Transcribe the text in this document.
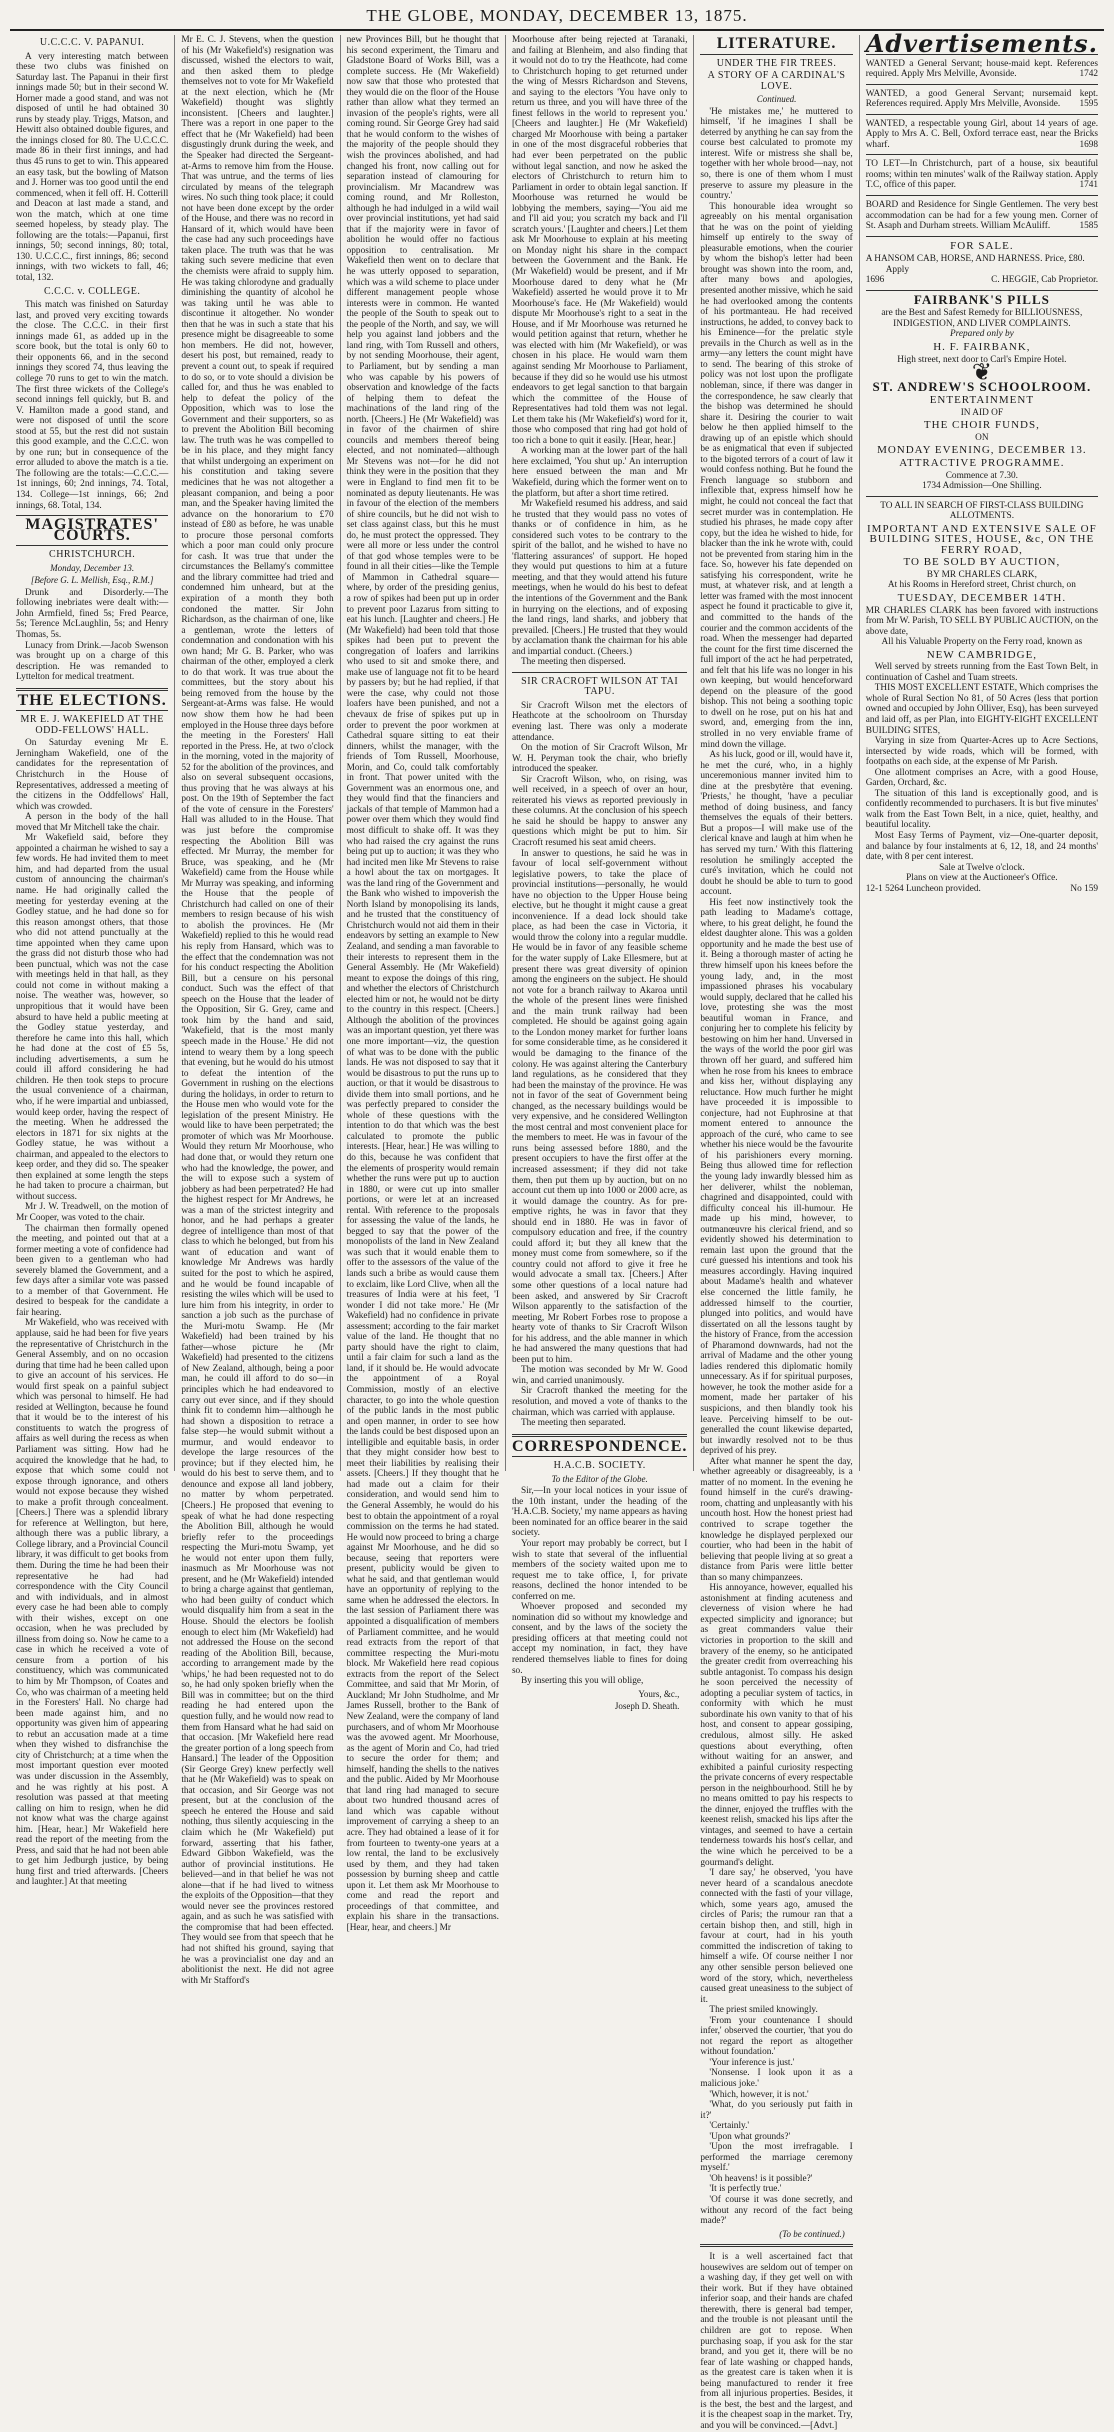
THE GLOBE, MONDAY, DECEMBER 13, 1875.
U.C.C.C. V. PAPANUI.

A very interesting match between these two clubs was finished on Saturday last. The Papanui in their first innings made 50; but in their second W. Horner made a good stand, and was not disposed of until he had obtained 30 runs by steady play. Triggs, Matson, and Hewitt also obtained double figures, and the innings closed for 80. The U.C.C.C. made 86 in their first innings, and had thus 45 runs to get to win. This appeared an easy task, but the bowling of Matson and J. Horner was too good until the end commenced, when it fell off. H. Cotterill and Deacon at last made a stand, and won the match, which at one time seemed hopeless, by steady play. The following are the totals:—Papanui, first innings, 50; second innings, 80; total, 130. U.C.C.C., first innings, 86; second innings, with two wickets to fall, 46; total, 132.

C.C.C. v. COLLEGE.

This match was finished on Saturday last, and proved very exciting towards the close. The C.C.C. in their first innings made 61, as added up in the score book, but the total is only 60 to their opponents 66, and in the second innings they scored 74, thus leaving the college 70 runs to get to win the match. The first three wickets of the College's second innings fell quickly, but B. and V. Hamilton made a good stand, and were not disposed of until the score stood at 55, but the rest did not sustain this good example, and the C.C.C. won by one run; but in consequence of the error alluded to above the match is a tie. The following are the totals:—C.C.C.—1st innings, 60; 2nd innings, 74. Total, 134. College—1st innings, 66; 2nd innings, 68. Total, 134.

MAGISTRATES' COURTS.
CHRISTCHURCH.
Monday, December 13.
[Before G. L. Mellish, Esq., R.M.]

Drunk and Disorderly.—The following inebriates were dealt with:—John Armfield, fined 5s; Fred Pearce, 5s; Terence McLaughlin, 5s; and Henry Thomas, 5s.

Lunacy from Drink.—Jacob Swenson was brought up on a charge of this description. He was remanded to Lyttelton for medical treatment.

THE ELECTIONS.
MR E. J. WAKEFIELD AT THE ODD-FELLOWS' HALL.

On Saturday evening Mr E. Jerningham Wakefield, one of the candidates for the representation of Christchurch in the House of Representatives, addressed a meeting of the citizens in the Oddfellows' Hall, which was crowded.

A person in the body of the hall moved that Mr Mitchell take the chair.

Mr Wakefield said, before they appointed a chairman he wished to say a few words. He had invited them to meet him, and had departed from the usual custom of announcing the chairman's name. He had originally called the meeting for yesterday evening at the Godley statue, and he had done so for this reason amongst others, that those who did not attend punctually at the time appointed when they came upon the grass did not disturb those who had been punctual, which was not the case with meetings held in that hall, as they could not come in without making a noise. The weather was, however, so unpropitious that it would have been absurd to have held a public meeting at the Godley statue yesterday, and therefore he came into this hall, which he had done at the cost of £5 5s, including advertisements, a sum he could ill afford considering he had children. He then took steps to procure the usual convenience of a chairman, who, if he were impartial and unbiassed, would keep order, having the respect of the meeting. When he addressed the electors in 1871 for six nights at the Godley statue, he was without a chairman, and appealed to the electors to keep order, and they did so. The speaker then explained at some length the steps he had taken to procure a chairman, but without success.

Mr J. W. Treadwell, on the motion of Mr Cooper, was voted to the chair.

The chairman then formally opened the meeting, and pointed out that at a former meeting a vote of confidence had been given to a gentleman who had severely blamed the Government, and a few days after a similar vote was passed to a member of that Government. He desired to bespeak for the candidate a fair hearing.

Mr Wakefield, who was received with applause, said he had been for five years the representative of Christchurch in the General Assembly, and on no occasion during that time had he been called upon to give an account of his services. He would first speak on a painful subject which was personal to himself. He had resided at Wellington, because he found that it would be to the interest of his constituents to watch the progress of affairs as well during the recess as when Parliament was sitting. How had he acquired the knowledge that he had, to expose that which some could not expose through ignorance, and others would not expose because they wished to make a profit through concealment. [Cheers.] There was a splendid library for reference at Wellington, but here, although there was a public library, a College library, and a Provincial Council library, it was difficult to get books from them. During the time he had been their representative he had had correspondence with the City Council and with individuals, and in almost every case he had been able to comply with their wishes, except on one occasion, when he was precluded by illness from doing so. Now he came to a case in which he received a vote of censure from a portion of his constituency, which was communicated to him by Mr Thompson, of Coates and Co, who was chairman of a meeting held in the Foresters' Hall. No charge had been made against him, and no opportunity was given him of appearing to rebut an accusation made at a time when they wished to disfranchise the city of Christchurch; at a time when the most important question ever mooted was under discussion in the Assembly, and he was rightly at his post. A resolution was passed at that meeting calling on him to resign, when he did not know what was the charge against him. [Hear, hear.] Mr Wakefield here read the report of the meeting from the Press, and said that he had not been able to get him Jedburgh justice, by being hung first and tried afterwards. [Cheers and laughter.] At that meeting

Mr E. C. J. Stevens, when the question of his (Mr Wakefield's) resignation was discussed, wished the electors to wait, and then asked them to pledge themselves not to vote for Mr Wakefield at the next election, which he (Mr Wakefield) thought was slightly inconsistent. [Cheers and laughter.] There was a report in one paper to the effect that he (Mr Wakefield) had been disgustingly drunk during the week, and the Speaker had directed the Sergeant-at-Arms to remove him from the House. That was untrue, and the terms of lies circulated by means of the telegraph wires. No such thing took place; it could not have been done except by the order of the House, and there was no record in Hansard of it, which would have been the case had any such proceedings have taken place. The truth was that he was taking such severe medicine that even the chemists were afraid to supply him. He was taking chlorodyne and gradually diminishing the quantity of alcohol he was taking until he was able to discontinue it altogether. No wonder then that he was in such a state that his presence might be disagreeable to some hon members. He did not, however, desert his post, but remained, ready to prevent a count out, to speak if required to do so, or to vote should a division be called for, and thus he was enabled to help to defeat the policy of the Opposition, which was to lose the Government and their supporters, so as to prevent the Abolition Bill becoming law. The truth was he was compelled to be in his place, and they might fancy that whilst undergoing an experiment on his constitution and taking severe medicines that he was not altogether a pleasant companion, and being a poor man, and the Speaker having limited the advance on the honorarium to £70 instead of £80 as before, he was unable to procure those personal comforts which a poor man could only procure for cash. It was true that under the circumstances the Bellamy's committee and the library committee had tried and condemned him unheard, but at the expiration of a month they both condoned the matter. Sir John Richardson, as the chairman of one, like a gentleman, wrote the letters of condemnation and condonation with his own hand; Mr G. B. Parker, who was chairman of the other, employed a clerk to do that work. It was true about the committees, but the story about his being removed from the house by the Sergeant-at-Arms was false. He would now show them how he had been employed in the House three days before the meeting in the Foresters' Hall reported in the Press. He, at two o'clock in the morning, voted in the majority of 52 for the abolition of the provinces, and also on several subsequent occasions, thus proving that he was always at his post. On the 19th of September the fact of the vote of censure in the Foresters' Hall was alluded to in the House. That was just before the compromise respecting the Abolition Bill was effected. Mr Murray, the member for Bruce, was speaking, and he (Mr Wakefield) came from the House while Mr Murray was speaking, and informing the House that the people of Christchurch had called on one of their members to resign because of his wish to abolish the provinces. He (Mr Wakefield) replied to this he would read his reply from Hansard, which was to the effect that the condemnation was not for his conduct respecting the Abolition Bill, but a censure on his personal conduct. Such was the effect of that speech on the House that the leader of the Opposition, Sir G. Grey, came and took him by the hand and said, 'Wakefield, that is the most manly speech made in the House.' He did not intend to weary them by a long speech that evening, but he would do his utmost to defeat the intention of the Government in rushing on the elections during the holidays, in order to return to the House men who would vote for the legislation of the present Ministry. He would like to have been perpetrated; the promoter of which was Mr Moorhouse. Would they return Mr Moorhouse, who had done that, or would they return one who had the knowledge, the power, and the will to expose such a system of jobbery as had been perpetrated? He had the highest respect for Mr Andrews, he was a man of the strictest integrity and honor, and he had perhaps a greater degree of intelligence than most of that class to which he belonged, but from his want of education and want of knowledge Mr Andrews was hardly suited for the post to which he aspired, and he would be found incapable of resisting the wiles which will be used to lure him from his integrity, in order to sanction a job such as the purchase of the Muri-motu Swamp. He (Mr Wakefield) had been trained by his father—whose picture he (Mr Wakefield) had presented to the citizens of New Zealand, although, being a poor man, he could ill afford to do so—in principles which he had endeavored to carry out ever since, and if they should think fit to condemn him—although he had shown a disposition to retrace a false step—he would submit without a murmur, and would endeavor to develope the large resources of the province; but if they elected him, he would do his best to serve them, and to denounce and expose all land jobbery, no matter by whom perpetrated. [Cheers.] He proposed that evening to speak of what he had done respecting the Abolition Bill, although he would briefly refer to the proceedings respecting the Muri-motu Swamp, yet he would not enter upon them fully, inasmuch as Mr Moorhouse was not present, and he (Mr Wakefield) intended to bring a charge against that gentleman, who had been guilty of conduct which would disqualify him from a seat in the House. Should the electors be foolish enough to elect him (Mr Wakefield) had not addressed the House on the second reading of the Abolition Bill, because, according to arrangement made by the 'whips,' he had been requested not to do so, he had only spoken briefly when the Bill was in committee; but on the third reading he had entered upon the question fully, and he would now read to them from Hansard what he had said on that occasion. [Mr Wakefield here read the greater portion of a long speech from Hansard.] The leader of the Opposition (Sir George Grey) knew perfectly well that he (Mr Wakefield) was to speak on that occasion, and Sir George was not present, but at the conclusion of the speech he entered the House and said nothing, thus silently acquiescing in the claim which he (Mr Wakefield) put forward, asserting that his father, Edward Gibbon Wakefield, was the author of provincial institutions. He believed—and in that belief he was not alone—that if he had lived to witness the exploits of the Opposition—that they would never see the provinces restored again, and as such he was satisfied with the compromise that had been effected. They would see from that speech that he had not shifted his ground, saying that he was a provincialist one day and an abolitionist the next. He did not agree with Mr Stafford's

new Provinces Bill, but he thought that his second experiment, the Timaru and Gladstone Board of Works Bill, was a complete success. He (Mr Wakefield) now saw that those who protested that they would die on the floor of the House rather than allow what they termed an invasion of the people's rights, were all coming round. Sir George Grey had said that he would conform to the wishes of the majority of the people should they wish the provinces abolished, and had changed his front, now calling out for separation instead of clamouring for provincialism. Mr Macandrew was coming round, and Mr Rolleston, although he had indulged in a wild wail over provincial institutions, yet had said that if the majority were in favor of abolition he would offer no factious opposition to centralisation. Mr Wakefield then went on to declare that he was utterly opposed to separation, which was a wild scheme to place under different management people whose interests were in common. He wanted the people of the South to speak out to the people of the North, and say, we will help you against land jobbers and the land ring, with Tom Russell and others, by not sending Moorhouse, their agent, to Parliament, but by sending a man who was capable by his powers of observation and knowledge of the facts of helping them to defeat the machinations of the land ring of the north. [Cheers.] He (Mr Wakefield) was in favor of the chairmen of shire councils and members thereof being elected, and not nominated—although Mr Stevens was not—for he did not think they were in the position that they were in England to find men fit to be nominated as deputy lieutenants. He was in favour of the election of the members of shire councils, but he did not wish to set class against class, but this he must do, he must protect the oppressed. They were all more or less under the control of that god whose temples were to be found in all their cities—like the Temple of Mammon in Cathedral square—where, by order of the presiding genius, a row of spikes had been put up in order to prevent poor Lazarus from sitting to eat his lunch. [Laughter and cheers.] He (Mr Wakefield) had been told that those spikes had been put to prevent the congregation of loafers and larrikins who used to sit and smoke there, and make use of language not fit to be heard by passers by; but he had replied, if that were the case, why could not those loafers have been punished, and not a chevaux de frise of spikes put up in order to prevent the poor workmen at Cathedral square sitting to eat their dinners, whilst the manager, with the friends of Tom Russell, Moorhouse, Morin, and Co, could talk comfortably in front. That power united with the Government was an enormous one, and they would find that the financiers and jackals of that temple of Mammon had a power over them which they would find most difficult to shake off. It was they who had raised the cry against the runs being put up to auction; it was they who had incited men like Mr Stevens to raise a howl about the tax on mortgages. It was the land ring of the Government and the Bank who wished to impoverish the North Island by monopolising its lands, and he trusted that the constituency of Christchurch would not aid them in their endeavors by setting an example to New Zealand, and sending a man favorable to their interests to represent them in the General Assembly. He (Mr Wakefield) meant to expose the doings of this ring, and whether the electors of Christchurch elected him or not, he would not be dirty to the country in this respect. [Cheers.] Although the abolition of the provinces was an important question, yet there was one more important—viz, the question of what was to be done with the public lands. He was not disposed to say that it would be disastrous to put the runs up to auction, or that it would be disastrous to divide them into small portions, and he was perfectly prepared to consider the whole of these questions with the intention to do that which was the best calculated to promote the public interests. [Hear, hear.] He was willing to do this, because he was confident that the elements of prosperity would remain whether the runs were put up to auction in 1880, or were cut up into smaller portions, or were let at an increased rental. With reference to the proposals for assessing the value of the lands, he begged to say that the power of the monopolists of the land in New Zealand was such that it would enable them to offer to the assessors of the value of the lands such a bribe as would cause them to exclaim, like Lord Clive, when all the treasures of India were at his feet, 'I wonder I did not take more.' He (Mr Wakefield) had no confidence in private assessment; according to the fair market value of the land. He thought that no party should have the right to claim, until a fair claim for such a land as the land, if it should be. He would advocate the appointment of a Royal Commission, mostly of an elective character, to go into the whole question of the public lands in the most public and open manner, in order to see how the lands could be best disposed upon an intelligible and equitable basis, in order that they might consider how best to meet their liabilities by realising their assets. [Cheers.] If they thought that he had made out a claim for their consideration, and would send him to the General Assembly, he would do his best to obtain the appointment of a royal commission on the terms he had stated. He would now proceed to bring a charge against Mr Moorhouse, and he did so because, seeing that reporters were present, publicity would be given to what he said, and that gentleman would have an opportunity of replying to the same when he addressed the electors. In the last session of Parliament there was appointed a disqualification of members of Parliament committee, and he would read extracts from the report of that committee respecting the Muri-motu block. Mr Wakefield here read copious extracts from the report of the Select Committee, and said that Mr Morin, of Auckland; Mr John Studholme, and Mr James Russell, brother to the Bank of New Zealand, were the company of land purchasers, and of whom Mr Moorhouse was the avowed agent. Mr Moorhouse, as the agent of Morin and Co, had tried to secure the order for them; and himself, handing the shells to the natives and the public. Aided by Mr Moorhouse that land ring had managed to secure about two hundred thousand acres of land which was capable without improvement of carrying a sheep to an acre. They had obtained a lease of it for from fourteen to twenty-one years at a low rental, the land to be exclusively used by them, and they had taken possession by burning sheep and cattle upon it. Let them ask Mr Moorhouse to come and read the report and proceedings of that committee, and explain his share in the transactions. [Hear, hear, and cheers.] Mr

Moorhouse after being rejected at Taranaki, and failing at Blenheim, and also finding that it would not do to try the Heathcote, had come to Christchurch hoping to get returned under the wing of Messrs Richardson and Stevens, and saying to the electors 'You have only to return us three, and you will have three of the finest fellows in the world to represent you.' [Cheers and laughter.] He (Mr Wakefield) charged Mr Moorhouse with being a partaker in one of the most disgraceful robberies that had ever been perpetrated on the public without legal sanction, and now he asked the electors of Christchurch to return him to Parliament in order to obtain legal sanction. If Moorhouse was returned he would be lobbying the members, saying—'You aid me and I'll aid you; you scratch my back and I'll scratch yours.' [Laughter and cheers.] Let them ask Mr Moorhouse to explain at his meeting on Monday night his share in the compact between the Government and the Bank. He (Mr Wakefield) would be present, and if Mr Moorhouse dared to deny what he (Mr Wakefield) asserted he would prove it to Mr Moorhouse's face. He (Mr Wakefield) would dispute Mr Moorhouse's right to a seat in the House, and if Mr Moorhouse was returned he would petition against that return, whether he was elected with him (Mr Wakefield), or was chosen in his place. He would warn them against sending Mr Moorhouse to Parliament, because if they did so he would use his utmost endeavors to get legal sanction to that bargain which the committee of the House of Representatives had told them was not legal. Let them take his (Mr Wakefield's) word for it, those who composed that ring had got hold of too rich a bone to quit it easily. [Hear, hear.]

A working man at the lower part of the hall here exclaimed, 'You shut up.' An interruption here ensued between the man and Mr Wakefield, during which the former went on to the platform, but after a short time retired.

Mr Wakefield resumed his address, and said he trusted that they would pass no votes of thanks or of confidence in him, as he considered such votes to be contrary to the spirit of the ballot, and he wished to have no 'flattering assurances' of support. He hoped they would put questions to him at a future meeting, and that they would attend his future meetings, when he would do his best to defeat the intentions of the Government and the Bank in hurrying on the elections, and of exposing the land rings, land sharks, and jobbery that prevailed. [Cheers.] He trusted that they would by acclamation thank the chairman for his able and impartial conduct. (Cheers.)

The meeting then dispersed.

SIR CRACROFT WILSON AT TAI TAPU.

Sir Cracroft Wilson met the electors of Heathcote at the schoolroom on Thursday evening last. There was only a moderate attendance.

On the motion of Sir Cracroft Wilson, Mr W. H. Peryman took the chair, who briefly introduced the speaker.

Sir Cracroft Wilson, who, on rising, was well received, in a speech of over an hour, reiterated his views as reported previously in these columns. At the conclusion of his speech he said he should be happy to answer any questions which might be put to him. Sir Cracroft resumed his seat amid cheers.

In answer to questions, he said he was in favour of local self-government without legislative powers, to take the place of provincial institutions—personally, he would have no objection to the Upper House being elective, but he thought it might cause a great inconvenience. If a dead lock should take place, as had been the case in Victoria, it would throw the colony into a regular muddle. He would be in favor of any feasible scheme for the water supply of Lake Ellesmere, but at present there was great diversity of opinion among the engineers on the subject. He should not vote for a branch railway to Akaroa until the whole of the present lines were finished and the main trunk railway had been completed. He should be against going again to the London money market for further loans for some considerable time, as he considered it would be damaging to the finance of the colony. He was against altering the Canterbury land regulations, as he considered that they had been the mainstay of the province. He was not in favor of the seat of Government being changed, as the necessary buildings would be very expensive, and he considered Wellington the most central and most convenient place for the members to meet. He was in favour of the runs being assessed before 1880, and the present occupiers to have the first offer at the increased assessment; if they did not take them, then put them up by auction, but on no account cut them up into 1000 or 2000 acre, as it would damage the country. As for pre-emptive rights, he was in favor that they should end in 1880. He was in favor of compulsory education and free, if the country could afford it; but they all knew that the money must come from somewhere, so if the country could not afford to give it free he would advocate a small tax. [Cheers.] After some other questions of a local nature had been asked, and answered by Sir Cracroft Wilson apparently to the satisfaction of the meeting, Mr Robert Forbes rose to propose a hearty vote of thanks to Sir Cracroft Wilson for his address, and the able manner in which he had answered the many questions that had been put to him.

The motion was seconded by Mr W. Good win, and carried unanimously.

Sir Cracroft thanked the meeting for the resolution, and moved a vote of thanks to the chairman, which was carried with applause.

The meeting then separated.

CORRESPONDENCE.
H.A.C.B. SOCIETY.
To the Editor of the Globe.

Sir,—In your local notices in your issue of the 10th instant, under the heading of the 'H.A.C.B. Society,' my name appears as having been nominated for an office bearer in the said society.

Your report may probably be correct, but I wish to state that several of the influential members of the society waited upon me to request me to take office, I, for private reasons, declined the honor intended to be conferred on me.

Whoever proposed and seconded my nomination did so without my knowledge and consent, and by the laws of the society the presiding officers at that meeting could not accept my nomination, in fact, they have rendered themselves liable to fines for doing so.

By inserting this you will oblige,

Yours, &c.,
Joseph D. Sheath.
LITERATURE.
UNDER THE FIR TREES.
A STORY OF A CARDINAL'S LOVE.
Continued.

'He mistakes me,' he muttered to himself, 'if he imagines I shall be deterred by anything he can say from the course best calculated to promote my interest. Wife or mistress she shall be, together with her whole brood—nay, not so, there is one of them whom I must preserve to assure my pleasure in the country.'

This honourable idea wrought so agreeably on his mental organisation that he was on the point of yielding himself up entirely to the sway of pleasurable emotions, when the courier by whom the bishop's letter had been brought was shown into the room, and, after many bows and apologies, presented another missive, which he said he had overlooked among the contents of his portmanteau. He had received instructions, he added, to convey back to his Eminence—for the prelatic style prevails in the Church as well as in the army—any letters the count might have to send. The bearing of this stroke of policy was not lost upon the profligate nobleman, since, if there was danger in the correspondence, he saw clearly that the bishop was determined he should share it. Desiring the courier to wait below he then applied himself to the drawing up of an epistle which should be as enigmatical that even if subjected to the bigoted terrors of a court of law it would confess nothing. But he found the French language so stubborn and inflexible that, express himself how he might, he could not conceal the fact that secret murder was in contemplation. He studied his phrases, he made copy after copy, but the idea he wished to hide, for blacker than the ink he wrote with, could not be prevented from staring him in the face. So, however his fate depended on satisfying his correspondent, write he must, at whatever risk, and at length a letter was framed with the most innocent aspect he found it practicable to give it, and committed to the hands of the courier and the common accidents of the road. When the messenger had departed the count for the first time discerned the full import of the act he had perpetrated, and felt that his life was no longer in his own keeping, but would henceforward depend on the pleasure of the good bishop. This not being a soothing topic to dwell on he rose, put on his hat and sword, and, emerging from the inn, strolled in no very enviable frame of mind down the village.

As his luck, good or ill, would have it, he met the curé, who, in a highly unceremonious manner invited him to dine at the presbytère that evening. 'Priests,' he thought, 'have a peculiar method of doing business, and fancy themselves the equals of their betters. But a propos—I will make use of the clerical knave and laugh at him when he has served my turn.' With this flattering resolution he smilingly accepted the curé's invitation, which he could not doubt he should be able to turn to good account.

His feet now instinctively took the path leading to Madame's cottage, where, to his great delight, he found the eldest daughter alone. This was a golden opportunity and he made the best use of it. Being a thorough master of acting he threw himself upon his knees before the young lady, and, in the most impassioned phrases his vocabulary would supply, declared that he called his love, protesting she was the most beautiful woman in France, and conjuring her to complete his felicity by bestowing on him her hand. Unversed in the ways of the world the poor girl was thrown off her guard, and suffered him when he rose from his knees to embrace and kiss her, without displaying any reluctance. How much further he might have proceeded it is impossible to conjecture, had not Euphrosine at that moment entered to announce the approach of the curé, who came to see whether his niece would be the favourite of his parishioners every morning. Being thus allowed time for reflection the young lady inwardly blessed him as her deliverer, whilst the nobleman, chagrined and disappointed, could with difficulty conceal his ill-humour. He made up his mind, however, to outmanœuvre his clerical friend, and so evidently showed his determination to remain last upon the ground that the curé guessed his intentions and took his measures accordingly. Having inquired about Madame's health and whatever else concerned the little family, he addressed himself to the courtier, plunged into politics, and would have dissertated on all the lessons taught by the history of France, from the accession of Pharamond downwards, had not the arrival of Madame and the other young ladies rendered this diplomatic homily unnecessary. As if for spiritual purposes, however, he took the mother aside for a moment, made her partaker of his suspicions, and then blandly took his leave. Perceiving himself to be out-generalled the count likewise departed, but inwardly resolved not to be thus deprived of his prey.

After what manner he spent the day, whether agreeably or disagreeably, is a matter of no moment. In the evening he found himself in the curé's drawing-room, chatting and unpleasantly with his uncouth host. How the honest priest had contrived to scrape together the knowledge he displayed perplexed our courtier, who had been in the habit of believing that people living at so great a distance from Paris were little better than so many chimpanzees.

His annoyance, however, equalled his astonishment at finding acuteness and cleverness of vision where he had expected simplicity and ignorance; but as great commanders value their victories in proportion to the skill and bravery of the enemy, so he anticipated the greater credit from overreaching his subtle antagonist. To compass his design he soon perceived the necessity of adopting a peculiar system of tactics, in conformity with which he must subordinate his own vanity to that of his host, and consent to appear gossiping, credulous, almost silly. He asked questions about everything, often without waiting for an answer, and exhibited a painful curiosity respecting the private concerns of every respectable person in the neighbourhood. Still he by no means omitted to pay his respects to the dinner, enjoyed the truffles with the keenest relish, smacked his lips after the vintages, and seemed to have a certain tenderness towards his host's cellar, and the wine which he perceived to be a gourmand's delight.

'I dare say,' he observed, 'you have never heard of a scandalous anecdote connected with the fasti of your village, which, some years ago, amused the circles of Paris; the rumour ran that a certain bishop then, and still, high in favour at court, had in his youth committed the indiscretion of taking to himself a wife. Of course neither I nor any other sensible person believed one word of the story, which, nevertheless caused great uneasiness to the subject of it.

The priest smiled knowingly.

'From your countenance I should infer,' observed the courtier, 'that you do not regard the report as altogether without foundation.'

'Your inference is just.'

'Nonsense. I look upon it as a malicious joke.'

'Which, however, it is not.'

'What, do you seriously put faith in it?'

'Certainly.'

'Upon what grounds?'

'Upon the most irrefragable. I performed the marriage ceremony myself.'

'Oh heavens! is it possible?'

'It is perfectly true.'

'Of course it was done secretly, and without any record of the fact being made?'

(To be continued.)

It is a well ascertained fact that housewives are seldom out of temper on a washing day, if they get well on with their work. But if they have obtained inferior soap, and their hands are chafed therewith, there is general bad temper, and the trouble is not pleasant until the children are got to repose. When purchasing soap, if you ask for the star brand, and you get it, there will be no fear of late washing or chapped hands, as the greatest care is taken when it is being manufactured to render it free from all injurious properties. Besides, it is the best, the best and the largest, and it is the cheapest soap in the market. Try, and you will be convinced.—[Advt.]

Advertisements.
WANTED a General Servant; house-maid kept. References required. Apply Mrs Melville, Avonside.	1742
WANTED, a good General Servant; nursemaid kept. References required. Apply Mrs Melville, Avonside. 1595
WANTED, a respectable young Girl, about 14 years of age. Apply to Mrs A. C. Bell, Oxford terrace east, near the Bricks wharf.	1698
TO LET—In Christchurch, part of a house, six beautiful rooms; within ten minutes' walk of the Railway station. Apply T.C, office of this paper.	1741
BOARD and Residence for Single Gentlemen. The very best accommodation can be had for a few young men. Corner of St. Asaph and Durham streets. William McAuliff.	1585
FOR SALE.
A HANSOM CAB, HORSE, AND HARNESS. Price, £80.
Apply
1696	C. HEGGIE, Cab Proprietor.
FAIRBANK'S PILLS
are the Best and Safest Remedy for BILLIOUSNESS, INDIGESTION, AND LIVER COMPLAINTS.
Prepared only by
H. F. FAIRBANK,
High street, next door to Carl's Empire Hotel.
❦
ST. ANDREW'S SCHOOLROOM.
ENTERTAINMENT
IN AID OF
THE CHOIR FUNDS,
ON
MONDAY EVENING, DECEMBER 13.
ATTRACTIVE PROGRAMME.
Commence at 7.30.
1734 Admission—One Shilling.
TO ALL IN SEARCH OF FIRST-CLASS BUILDING ALLOTMENTS.
IMPORTANT AND EXTENSIVE SALE OF BUILDING SITES, HOUSE, &c, ON THE FERRY ROAD,
TO BE SOLD BY AUCTION,
BY MR CHARLES CLARK,
At his Rooms in Hereford street, Christ church, on
TUESDAY, DECEMBER 14TH.

MR CHARLES CLARK has been favored with instructions from Mr W. Parish, TO SELL BY PUBLIC AUCTION, on the above date,

All his Valuable Property on the Ferry road, known as
NEW CAMBRIDGE,

Well served by streets running from the East Town Belt, in continuation of Cashel and Tuam streets.

THIS MOST EXCELLENT ESTATE, Which comprises the whole of Rural Section No 81, of 50 Acres (less that portion owned and occupied by John Olliver, Esq), has been surveyed and laid off, as per Plan, into EIGHTY-EIGHT EXCELLENT BUILDING SITES,

Varying in size from Quarter-Acres up to Acre Sections, intersected by wide roads, which will be formed, with footpaths on each side, at the expense of Mr Parish.

One allotment comprises an Acre, with a good House, Garden, Orchard, &c.

The situation of this land is exceptionally good, and is confidently recommended to purchasers. It is but five minutes' walk from the East Town Belt, in a nice, quiet, healthy, and beautiful locality.

Most Easy Terms of Payment, viz—One-quarter deposit, and balance by four instalments at 6, 12, 18, and 24 months' date, with 8 per cent interest.

Sale at Twelve o'clock.
Plans on view at the Auctioneer's Office.
12-1 5264 Luncheon provided.	No 159
